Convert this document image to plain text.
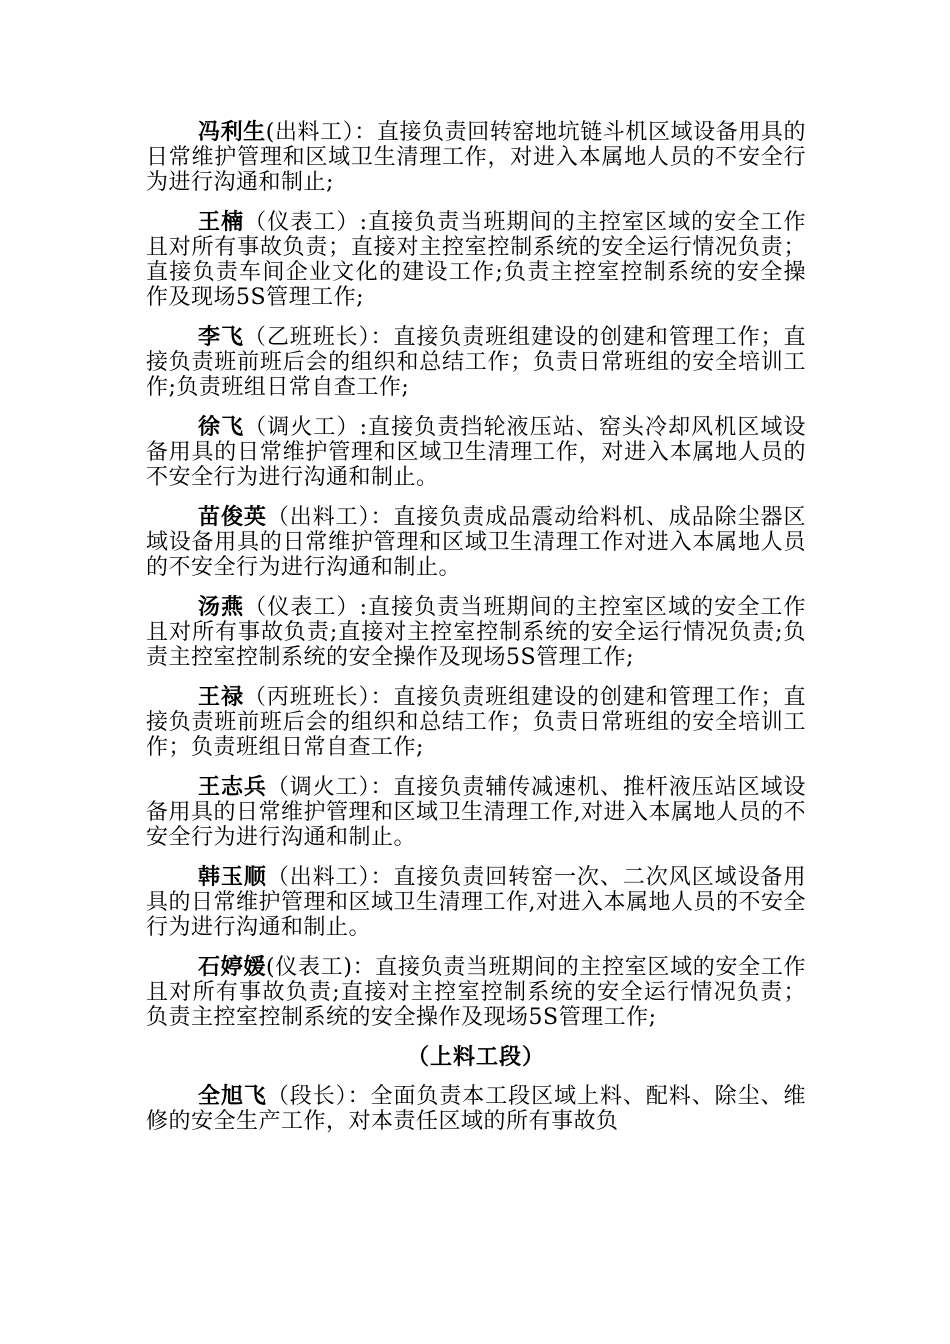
冯利生(出料工）：直接负责回转窑地坑链斗机区域设备用具的日常维护管理和区域卫生清理工作，对进入本属地人员的不安全行为进行沟通和制止;

王楠（仪表工）:直接负责当班期间的主控室区域的安全工作且对所有事故负责；直接对主控室控制系统的安全运行情况负责；直接负责车间企业文化的建设工作;负责主控室控制系统的安全操作及现场5S管理工作;

李飞（乙班班长）：直接负责班组建设的创建和管理工作；直接负责班前班后会的组织和总结工作；负责日常班组的安全培训工作;负责班组日常自查工作;

徐飞（调火工）:直接负责挡轮液压站、窑头冷却风机区域设备用具的日常维护管理和区域卫生清理工作，对进入本属地人员的不安全行为进行沟通和制止。

苗俊英（出料工）：直接负责成品震动给料机、成品除尘器区域设备用具的日常维护管理和区域卫生清理工作对进入本属地人员的不安全行为进行沟通和制止。

汤燕（仪表工）:直接负责当班期间的主控室区域的安全工作且对所有事故负责;直接对主控室控制系统的安全运行情况负责;负责主控室控制系统的安全操作及现场5S管理工作;

王禄（丙班班长）：直接负责班组建设的创建和管理工作；直接负责班前班后会的组织和总结工作；负责日常班组的安全培训工作；负责班组日常自查工作;

王志兵（调火工）：直接负责辅传减速机、推杆液压站区域设备用具的日常维护管理和区域卫生清理工作,对进入本属地人员的不安全行为进行沟通和制止。

韩玉顺（出料工）：直接负责回转窑一次、二次风区域设备用具的日常维护管理和区域卫生清理工作,对进入本属地人员的不安全行为进行沟通和制止。

石婷媛(仪表工)：直接负责当班期间的主控室区域的安全工作且对所有事故负责;直接对主控室控制系统的安全运行情况负责；负责主控室控制系统的安全操作及现场5S管理工作;

（上料工段）

全旭飞（段长）：全面负责本工段区域上料、配料、除尘、维修的安全生产工作，对本责任区域的所有事故负
